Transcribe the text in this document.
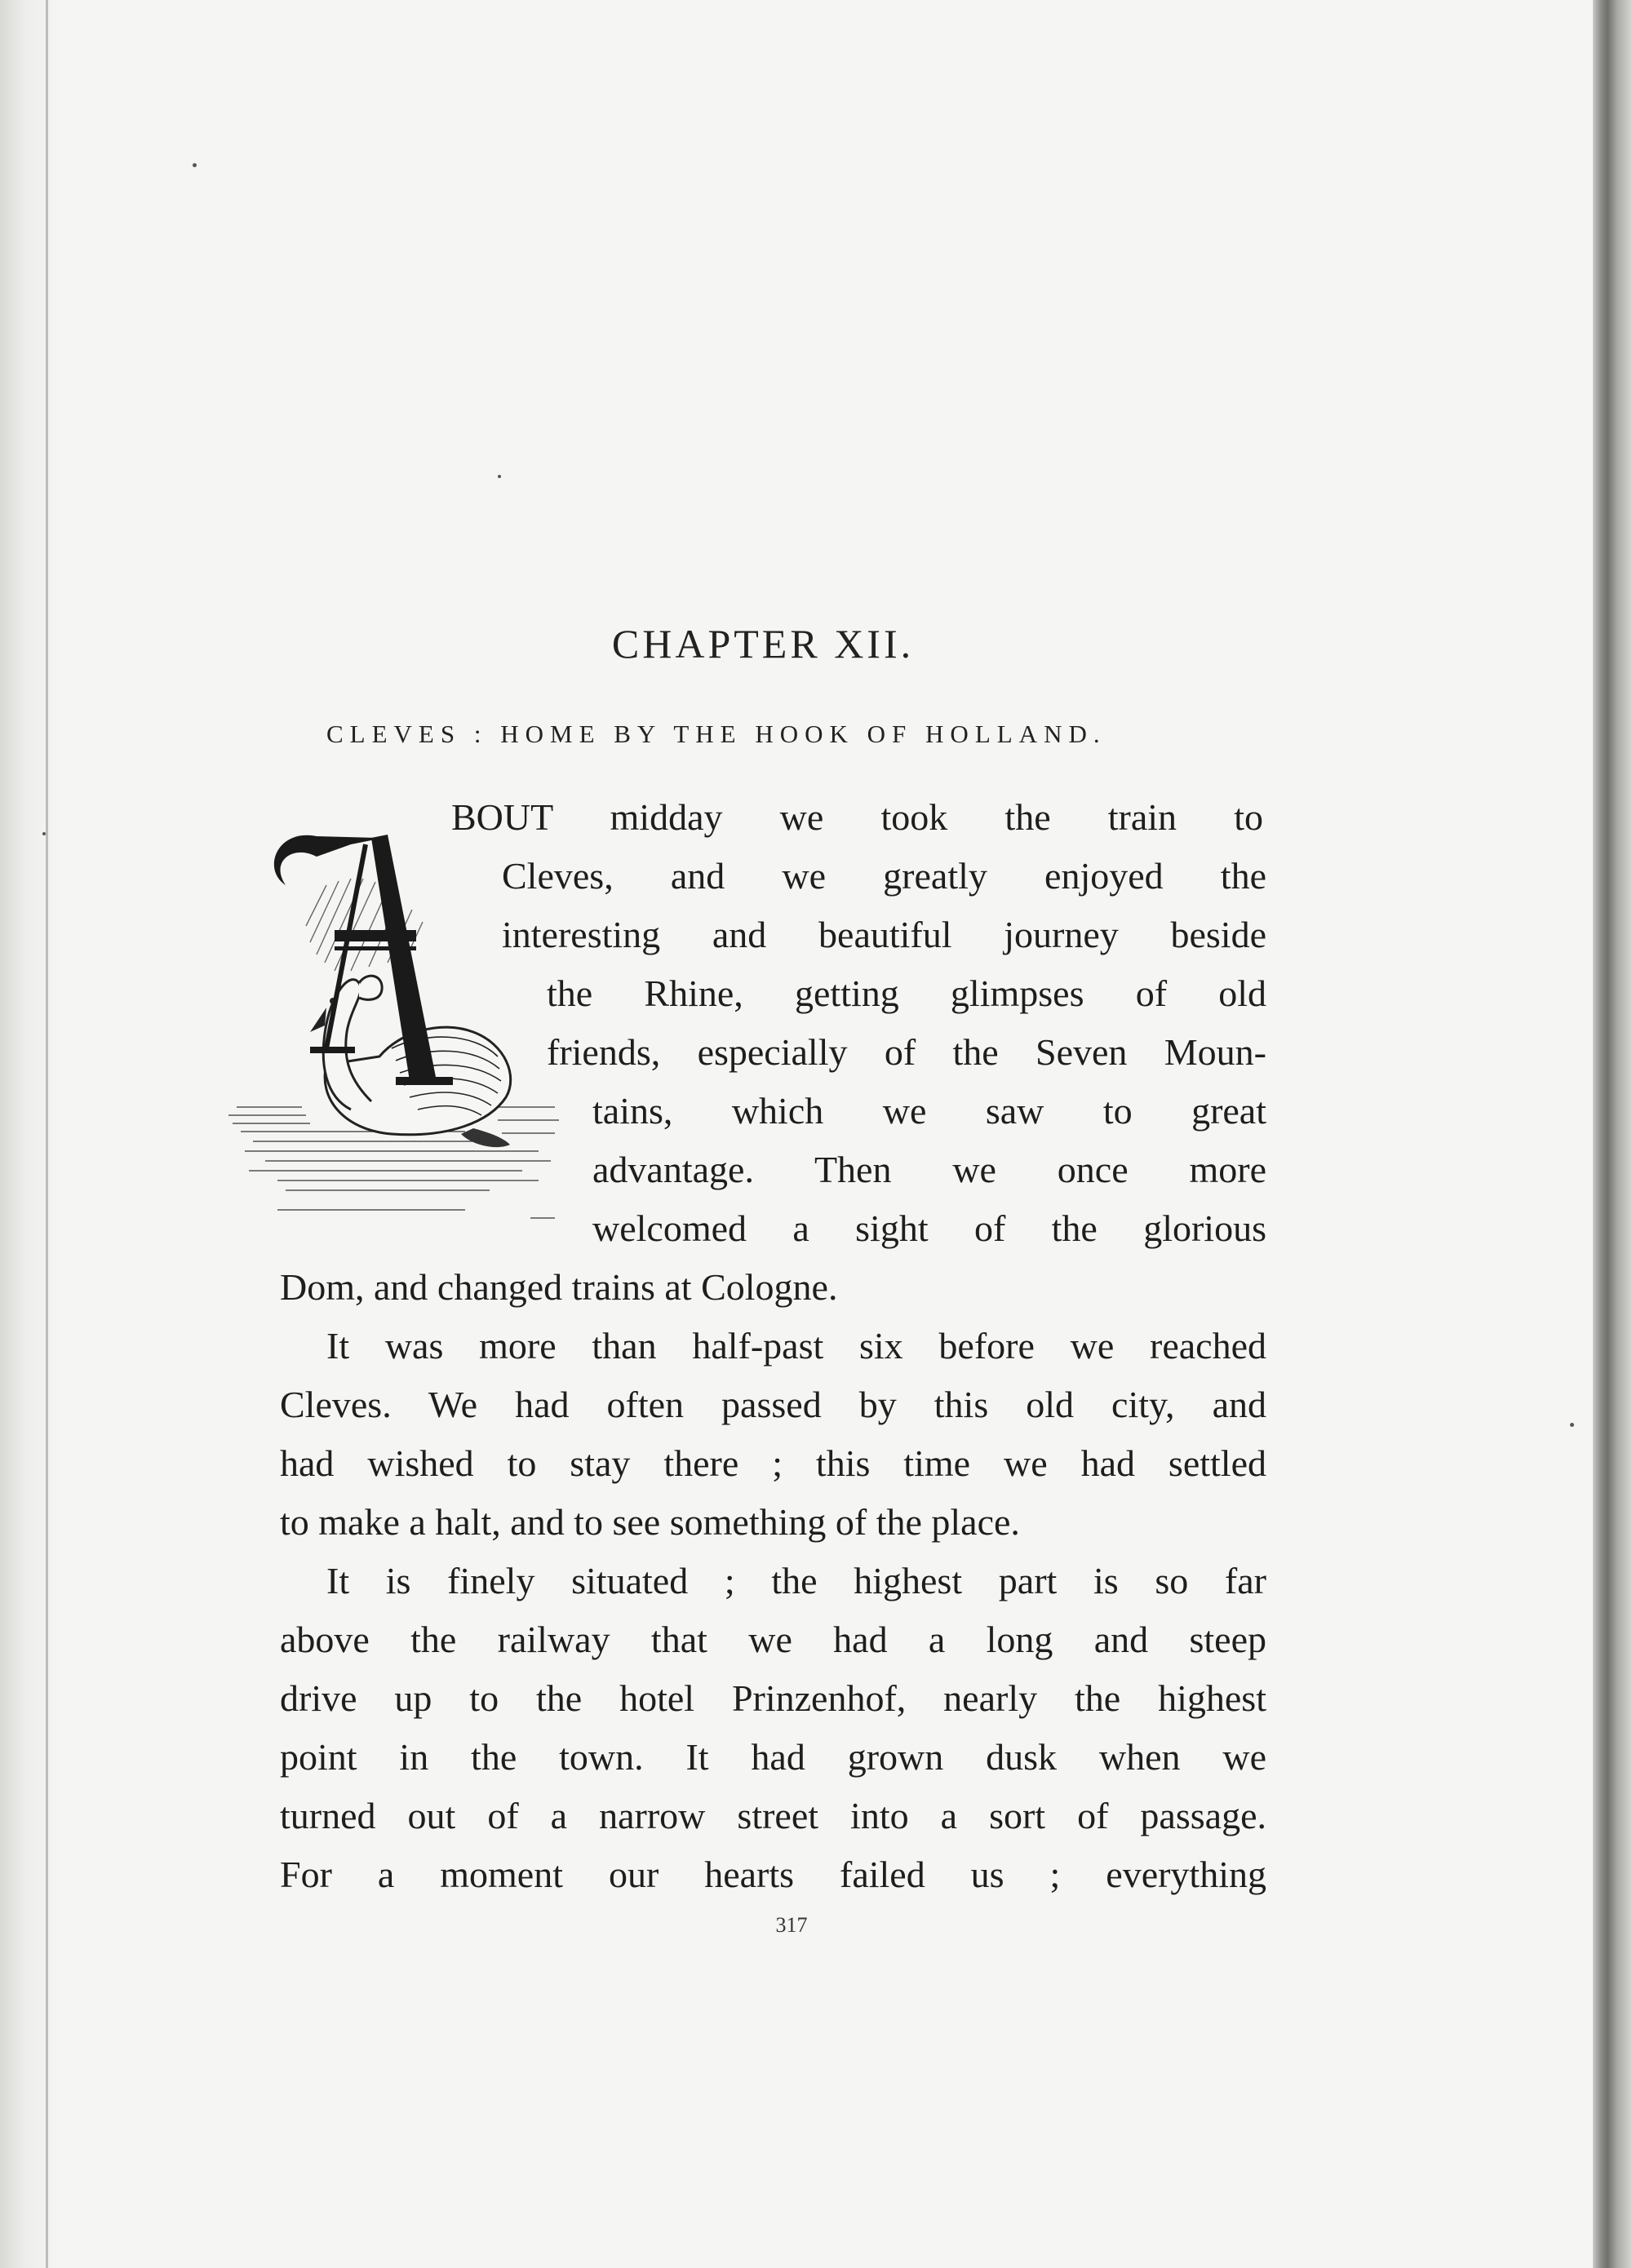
CHAPTER XII.
CLEVES : HOME BY THE HOOK OF HOLLAND.
BOUT midday we took the train to
Cleves, and we greatly enjoyed the
interesting and beautiful journey beside
the Rhine, getting glimpses of old
friends, especially of the Seven Moun-
tains, which we saw to great
advantage. Then we once more
welcomed a sight of the glorious
Dom, and changed trains at Cologne.
It was more than half-past six before we reached
Cleves. We had often passed by this old city, and
had wished to stay there ; this time we had settled
to make a halt, and to see something of the place.
It is finely situated ; the highest part is so far
above the railway that we had a long and steep
drive up to the hotel Prinzenhof, nearly the highest
point in the town. It had grown dusk when we
turned out of a narrow street into a sort of passage.
For a moment our hearts failed us ; everything
317
